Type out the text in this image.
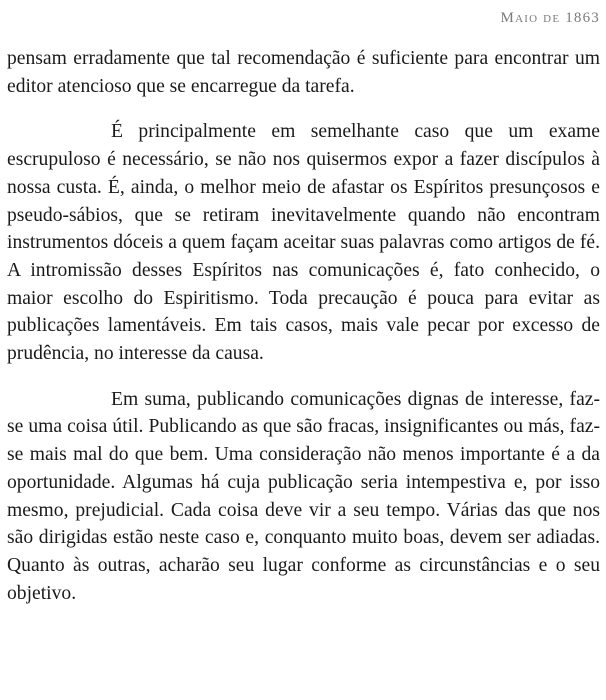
Maio de 1863

pensam erradamente que tal recomendação é suficiente para encontrar um editor atencioso que se encarregue da tarefa.

É principalmente em semelhante caso que um exame escrupuloso é necessário, se não nos quisermos expor a fazer discípulos à nossa custa. É, ainda, o melhor meio de afastar os Espíritos presunçosos e pseudo-sábios, que se retiram inevitavelmente quando não encontram instrumentos dóceis a quem façam aceitar suas palavras como artigos de fé. A intromissão desses Espíritos nas comunicações é, fato conhecido, o maior escolho do Espiritismo. Toda precaução é pouca para evitar as publicações lamentáveis. Em tais casos, mais vale pecar por excesso de prudência, no interesse da causa.

Em suma, publicando comunicações dignas de interesse, faz-se uma coisa útil. Publicando as que são fracas, insignificantes ou más, faz-se mais mal do que bem. Uma consideração não menos importante é a da oportunidade. Algumas há cuja publicação seria intempestiva e, por isso mesmo, prejudicial. Cada coisa deve vir a seu tempo. Várias das que nos são dirigidas estão neste caso e, conquanto muito boas, devem ser adiadas. Quanto às outras, acharão seu lugar conforme as circunstâncias e o seu objetivo.
